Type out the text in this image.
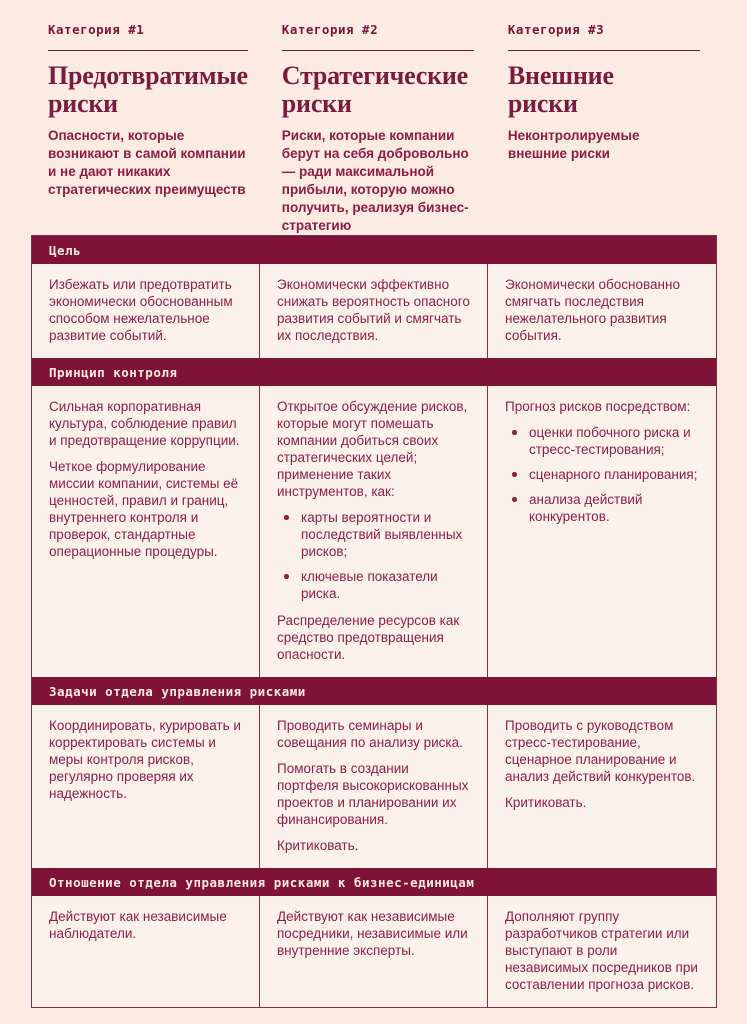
Категория #1
Предотвратимые
риски

Опасности, которые возникают в самой компании и не дают никаких стратегических преимуществ

Категория #2
Стратегические
риски

Риски, которые компании берут на себя добровольно — ради максимальной прибыли, которую можно получить, реализуя бизнес-стратегию

Категория #3
Внешние
риски

Неконтролируемые внешние риски

Цель

Избежать или предотвратить экономически обоснованным способом нежелательное развитие событий.

Экономически эффективно снижать вероятность опасного развития событий и смягчать их последствия.

Экономически обоснованно смягчать последствия нежелательного развития события.

Принцип контроля

Сильная корпоративная культура, соблюдение правил и предотвращение коррупции.

Четкое формулирование миссии компании, системы её ценностей, правил и границ, внутреннего контроля и проверок, стандартные операционные процедуры.

Открытое обсуждение рисков, которые могут помешать компании добиться своих стратегических целей; применение таких инструментов, как:

карты вероятности и последствий выявленных рисков;
ключевые показатели риска.

Распределение ресурсов как средство предотвращения опасности.

Прогноз рисков посредством:

оценки побочного риска и стресс-тестирования;
сценарного планирования;
анализа действий конкурентов.
Задачи отдела управления рисками

Координировать, курировать и корректировать системы и меры контроля рисков, регулярно проверяя их надежность.

Проводить семинары и совещания по анализу риска.

Помогать в создании портфеля высокорискованных проектов и планировании их финансирования.

Критиковать.

Проводить с руководством стресс-тестирование, сценарное планирование и анализ действий конкурентов.

Критиковать.

Отношение отдела управления рисками к бизнес-единицам

Действуют как независимые наблюдатели.

Действуют как независимые посредники, независимые или внутренние эксперты.

Дополняют группу разработчиков стратегии или выступают в роли независимых посредников при составлении прогноза рисков.
